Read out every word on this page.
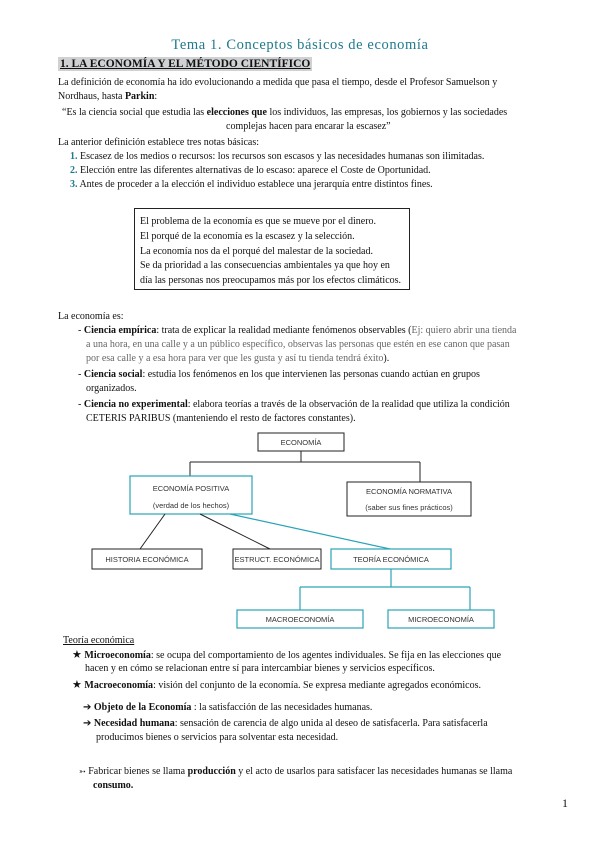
Tema 1. Conceptos básicos de economía
1. LA ECONOMÍA Y EL MÉTODO CIENTÍFICO
La definición de economía ha ido evolucionando a medida que pasa el tiempo, desde el Profesor Samuelson y
Nordhaus, hasta Parkin:
“Es la ciencia social que estudia las elecciones que los individuos, las empresas, los gobiernos y las sociedades
complejas hacen para encarar la escasez”
La anterior definición establece tres notas básicas:
1. Escasez de los medios o recursos: los recursos son escasos y las necesidades humanas son ilimitadas.
2. Elección entre las diferentes alternativas de lo escaso: aparece el Coste de Oportunidad.
3. Antes de proceder a la elección el individuo establece una jerarquía entre distintos fines.
El problema de la economía es que se mueve por el dinero.
El porqué de la economía es la escasez y la selección.
La economía nos da el porqué del malestar de la sociedad.
Se da prioridad a las consecuencias ambientales ya que hoy en
día las personas nos preocupamos más por los efectos climáticos.
La economía es:
- Ciencia empírica: trata de explicar la realidad mediante fenómenos observables (Ej: quiero abrir una tienda
a una hora, en una calle y a un público específico, observas las personas que estén en ese canon que pasan
por esa calle y a esa hora para ver que les gusta y así tu tienda tendrá éxito).
- Ciencia social: estudia los fenómenos en los que intervienen las personas cuando actúan en grupos
organizados.
- Ciencia no experimental: elabora teorías a través de la observación de la realidad que utiliza la condición
CETERIS PARIBUS (manteniendo el resto de factores constantes).
ECONOMÍA
ECONOMÍA POSITIVA
(verdad de los hechos)
ECONOMÍA NORMATIVA
(saber sus fines prácticos)
HISTORIA ECONÓMICA	ESTRUCT. ECONÓMICA	TEORÍA ECONÓMICA
MACROECONOMÍA	MICROECONOMÍA
Teoría económica
★ Microeconomía: se ocupa del comportamiento de los agentes individuales. Se fija en las elecciones que
hacen y en cómo se relacionan entre sí para intercambiar bienes y servicios específicos.
★ Macroeconomía: visión del conjunto de la economía. Se expresa mediante agregados económicos.
➔ Objeto de la Economía : la satisfacción de las necesidades humanas.
➔ Necesidad humana: sensación de carencia de algo unida al deseo de satisfacerla. Para satisfacerla
producimos bienes o servicios para solventar esta necesidad.
➳ Fabricar bienes se llama producción y el acto de usarlos para satisfacer las necesidades humanas se llama
consumo.
1
